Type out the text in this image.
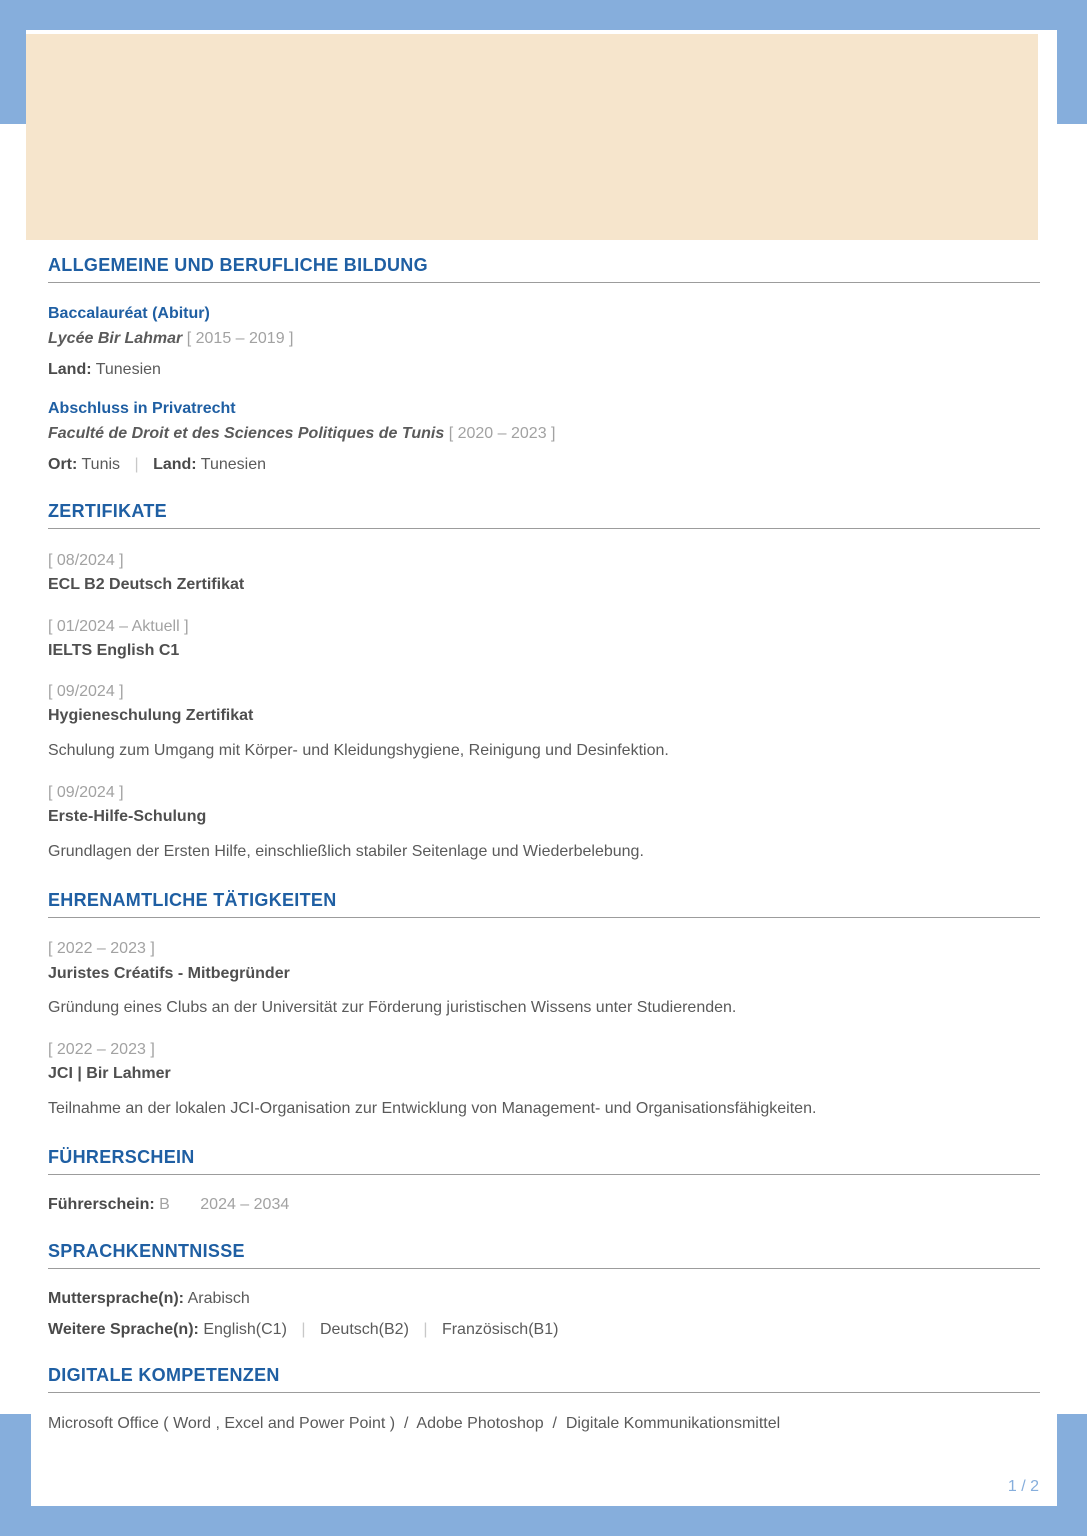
ALLGEMEINE UND BERUFLICHE BILDUNG
Baccalauréat (Abitur)
Lycée Bir Lahmar [ 2015 – 2019 ]
Land: Tunesien
Abschluss in Privatrecht
Faculté de Droit et des Sciences Politiques de Tunis [ 2020 – 2023 ]
Ort: Tunis | Land: Tunesien
ZERTIFIKATE
[ 08/2024 ]
ECL B2 Deutsch Zertifikat
[ 01/2024 – Aktuell ]
IELTS English C1
[ 09/2024 ]
Hygieneschulung Zertifikat
Schulung zum Umgang mit Körper- und Kleidungshygiene, Reinigung und Desinfektion.
[ 09/2024 ]
Erste-Hilfe-Schulung
Grundlagen der Ersten Hilfe, einschließlich stabiler Seitenlage und Wiederbelebung.
EHRENAMTLICHE TÄTIGKEITEN
[ 2022 – 2023 ]
Juristes Créatifs - Mitbegründer
Gründung eines Clubs an der Universität zur Förderung juristischen Wissens unter Studierenden.
[ 2022 – 2023 ]
JCI | Bir Lahmer
Teilnahme an der lokalen JCI-Organisation zur Entwicklung von Management- und Organisationsfähigkeiten.
FÜHRERSCHEIN
Führerschein: B 2024 – 2034
SPRACHKENNTNISSE
Muttersprache(n): Arabisch
Weitere Sprache(n): English(C1) | Deutsch(B2) | Französisch(B1)
DIGITALE KOMPETENZEN
Microsoft Office ( Word , Excel and Power Point )  /  Adobe Photoshop  /  Digitale Kommunikationsmittel
1 / 2
